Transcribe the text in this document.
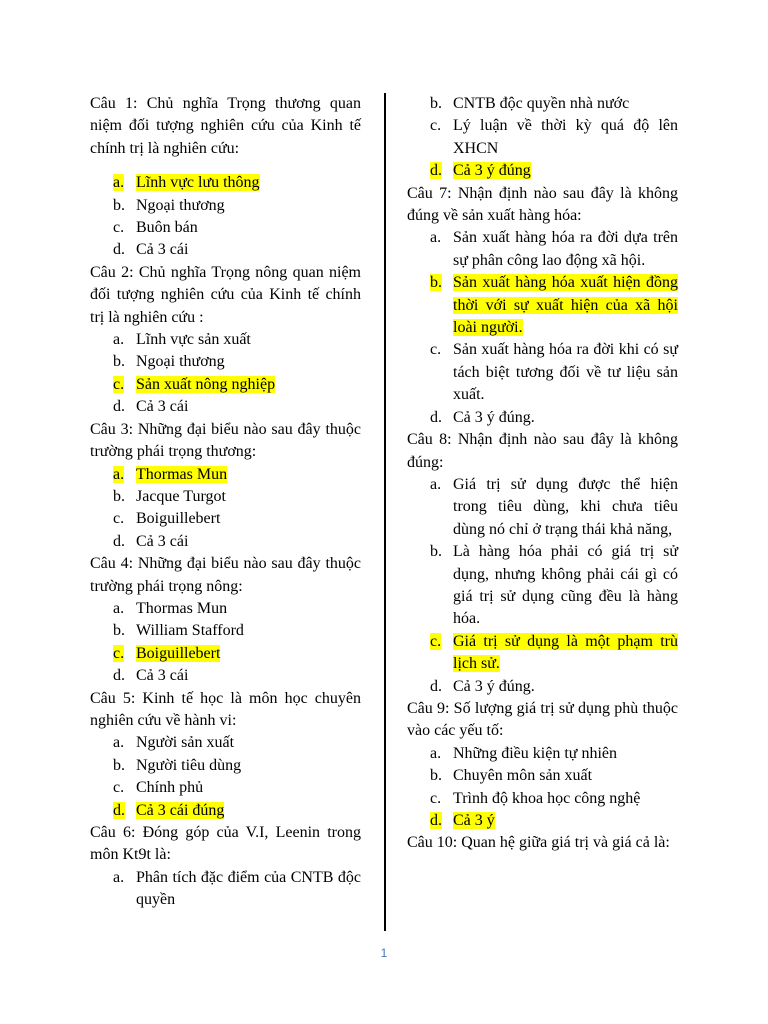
Câu 1: Chủ nghĩa Trọng thương quan niệm đối tượng nghiên cứu của Kinh tế chính trị là nghiên cứu:

a. Lĩnh vực lưu thông
b. Ngoại thương
c. Buôn bán
d. Cả 3 cái

Câu 2: Chủ nghĩa Trọng nông quan niệm đối tượng nghiên cứu của Kinh tế chính trị là nghiên cứu :

a. Lĩnh vực sản xuất
b. Ngoại thương
c. Sản xuất nông nghiệp
d. Cả 3 cái

Câu 3: Những đại biểu nào sau đây thuộc trường phái trọng thương:

a. Thormas Mun
b. Jacque Turgot
c. Boiguillebert
d. Cả 3 cái

Câu 4: Những đại biểu nào sau đây thuộc trường phái trọng nông:

a. Thormas Mun
b. William Stafford
c. Boiguillebert
d. Cả 3 cái

Câu 5: Kinh tế học là môn học chuyên nghiên cứu về hành vi:

a. Người sản xuất
b. Người tiêu dùng
c. Chính phủ
d. Cả 3 cái đúng

Câu 6: Đóng góp của V.I, Leenin trong môn Kt9t là:

a. Phân tích đặc điểm của CNTB độc quyền
b. CNTB độc quyền nhà nước
c. Lý luận về thời kỳ quá độ lên XHCN
d. Cả 3 ý đúng

Câu 7: Nhận định nào sau đây là không đúng về sản xuất hàng hóa:

a. Sản xuất hàng hóa ra đời dựa trên sự phân công lao động xã hội.
b. Sản xuất hàng hóa xuất hiện đồng thời với sự xuất hiện của xã hội loài người.
c. Sản xuất hàng hóa ra đời khi có sự tách biệt tương đối về tư liệu sản xuất.
d. Cả 3 ý đúng.

Câu 8: Nhận định nào sau đây là không đúng:

a. Giá trị sử dụng được thể hiện trong tiêu dùng, khi chưa tiêu dùng nó chỉ ở trạng thái khả năng,
b. Là hàng hóa phải có giá trị sử dụng, nhưng không phải cái gì có giá trị sử dụng cũng đều là hàng hóa.
c. Giá trị sử dụng là một phạm trù lịch sử.
d. Cả 3 ý đúng.

Câu 9: Số lượng giá trị sử dụng phù thuộc vào các yếu tố:

a. Những điều kiện tự nhiên
b. Chuyên môn sản xuất
c. Trình độ khoa học công nghệ
d. Cả 3 ý

Câu 10: Quan hệ giữa giá trị và giá cả là:

1
